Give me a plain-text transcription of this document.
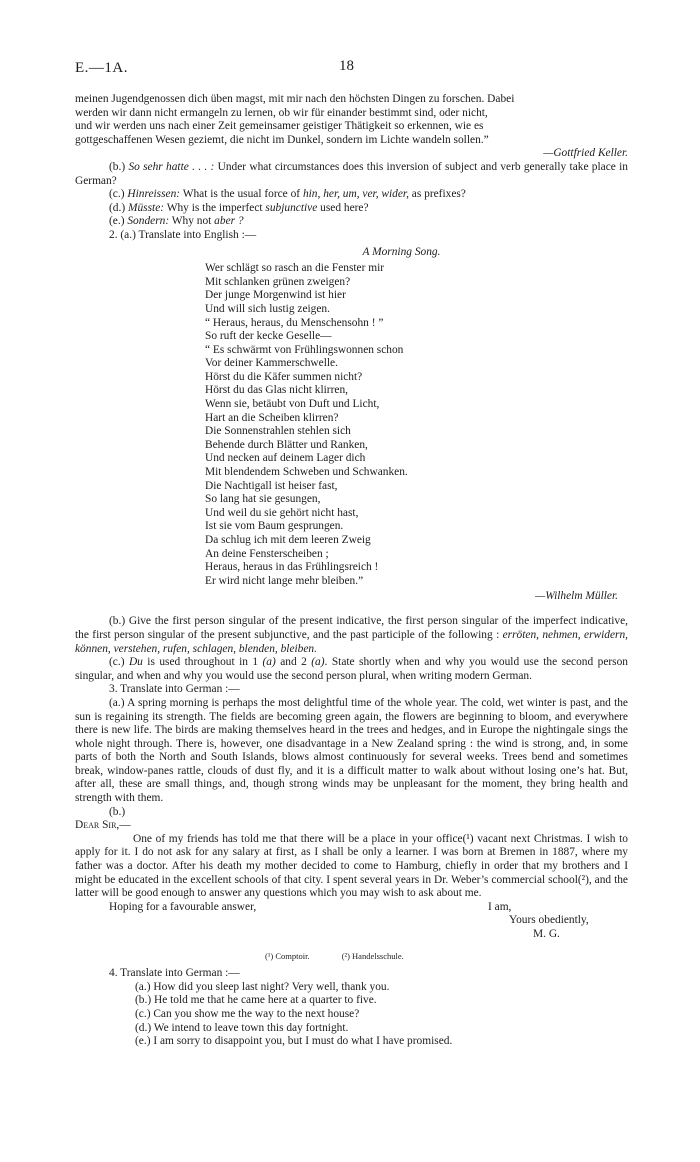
E.—1A.	18

meinen Jugendgenossen dich üben magst, mit mir nach den höchsten Dingen zu forschen. Dabei

werden wir dann nicht ermangeln zu lernen, ob wir für einander bestimmt sind, oder nicht,

und wir werden uns nach einer Zeit gemeinsamer geistiger Thätigkeit so erkennen, wie es

gottgeschaffenen Wesen geziemt, die nicht im Dunkel, sondern im Lichte wandeln sollen.”

—Gottfried Keller.

(b.) So sehr hatte . . . : Under what circumstances does this inversion of subject and verb generally take place in German?

(c.) Hinreissen: What is the usual force of hin, her, um, ver, wider, as prefixes?

(d.) Müsste: Why is the imperfect subjunctive used here?

(e.) Sondern: Why not aber ?

2. (a.) Translate into English :—

A Morning Song.

Wer schlägt so rasch an die Fenster mir

Mit schlanken grünen zweigen?

Der junge Morgenwind ist hier

Und will sich lustig zeigen.

“ Heraus, heraus, du Menschensohn ! ”

So ruft der kecke Geselle—

“ Es schwärmt von Frühlingswonnen schon

Vor deiner Kammerschwelle.

Hörst du die Käfer summen nicht?

Hörst du das Glas nicht klirren,

Wenn sie, betäubt von Duft und Licht,

Hart an die Scheiben klirren?

Die Sonnenstrahlen stehlen sich

Behende durch Blätter und Ranken,

Und necken auf deinem Lager dich

Mit blendendem Schweben und Schwanken.

Die Nachtigall ist heiser fast,

So lang hat sie gesungen,

Und weil du sie gehört nicht hast,

Ist sie vom Baum gesprungen.

Da schlug ich mit dem leeren Zweig

An deine Fensterscheiben ;

Heraus, heraus in das Frühlingsreich !

Er wird nicht lange mehr bleiben.”

—Wilhelm Müller.

(b.) Give the first person singular of the present indicative, the first person singular of the imperfect indicative, the first person singular of the present subjunctive, and the past participle of the following : erröten, nehmen, erwidern, können, verstehen, rufen, schlagen, blenden, bleiben.

(c.) Du is used throughout in 1 (a) and 2 (a). State shortly when and why you would use the second person singular, and when and why you would use the second person plural, when writing modern German.

3. Translate into German :—

(a.) A spring morning is perhaps the most delightful time of the whole year. The cold, wet winter is past, and the sun is regaining its strength. The fields are becoming green again, the flowers are beginning to bloom, and everywhere there is new life. The birds are making themselves heard in the trees and hedges, and in Europe the nightingale sings the whole night through. There is, however, one disadvantage in a New Zealand spring : the wind is strong, and, in some parts of both the North and South Islands, blows almost continuously for several weeks. Trees bend and sometimes break, window-panes rattle, clouds of dust fly, and it is a difficult matter to walk about without losing one’s hat. But, after all, these are small things, and, though strong winds may be unpleasant for the moment, they bring health and strength with them.

(b.)

Dear Sir,—

One of my friends has told me that there will be a place in your office(¹) vacant next Christmas. I wish to apply for it. I do not ask for any salary at first, as I shall be only a learner. I was born at Bremen in 1887, where my father was a doctor. After his death my mother decided to come to Hamburg, chiefly in order that my brothers and I might be educated in the excellent schools of that city. I spent several years in Dr. Weber’s commercial school(²), and the latter will be good enough to answer any questions which you may wish to ask about me.

Hoping for a favourable answer,	I am,

Yours obediently,

M. G.

(¹) Comptoir.	(²) Handelsschule.

4. Translate into German :—

(a.) How did you sleep last night? Very well, thank you.

(b.) He told me that he came here at a quarter to five.

(c.) Can you show me the way to the next house?

(d.) We intend to leave town this day fortnight.

(e.) I am sorry to disappoint you, but I must do what I have promised.
